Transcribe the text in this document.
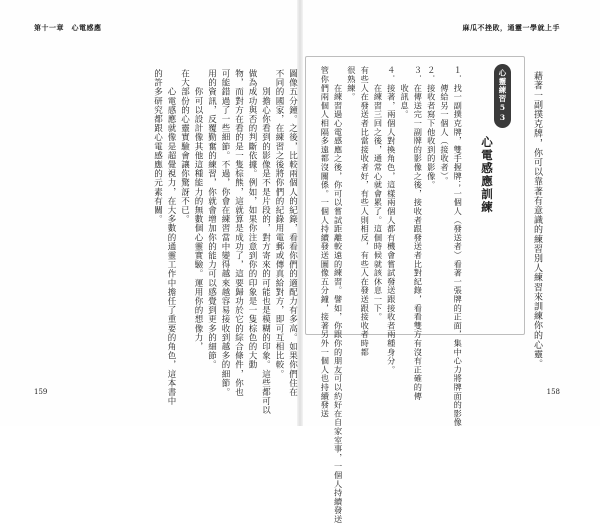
第十一章　心電感應
159
麻瓜不挫敗，通靈一學就上手
158
圖像五分鐘。之後，比較兩個人的紀錄，看看你們的適配力有多高。如果你們住在
不同的國家，在練習之後將你們的紀錄用電郵或傳真給對方，即可互相比較。
　　別擔心你看到的影像是不是片段的，對方寄來的可能也是模糊的印象。這些都可以
做為成功與否的判斷依據。例如，如果你注意到你的印象是一隻棕色的大動
物，而對方在看的是一隻棕熊，這就算是成功了，這要歸功於它的綜合條件，你也
可能錯過了一些細節。不過，你會在練習當中變得越來越容易接收到越多的細節。
用的資訊，反覆勤奮的練習，你就會增加你的能力可以感覺到更多的細節。
　　你可以設計像其他這種能力的無數個心靈實驗。運用你的想像力，
在大部份的心靈實驗會讓你驚訝不已。
　　心電感應就像是超覺視力，在大多數的通靈工作中擔任了重要的角色，這本書中
的許多研究都跟心電感應的元素有關。	　　藉著一副撲克牌，你可以靠著有意識的練習別人練習來訓練你的心靈。
心靈練習53
心電感應訓練
１．找一副撲克牌，雙手握牌；一個人（發送者）看著一張牌的正面，集中心力將牌面的影像
　　傳給另一個人（接收者）。
２．接收者寫下他收到的影像。
３．在傳送完一副牌的影像之後，接收者跟發送者比對紀錄，看看雙方有沒有正確的傳
　　收訊息。
４．接著，兩個人對換角色，這樣兩個人都有機會嘗試發送跟接收者兩種身分。
　　在練習三回之後，通常心就會累了。這個時候就該休息一下。
有些人在發送者比當接收者好，有些人則相反，有些人在發送跟接收者時都
很熟練。
　　在練習過心電感應之後，你可以嘗試距離較遠的練習。譬如，你跟你的朋友可以約好在自家室事，一個人持續發送
管你們兩個人相隔多遠都沒關係。一個人持續發送圖像五分鐘，接著另外一個人也持續發送
